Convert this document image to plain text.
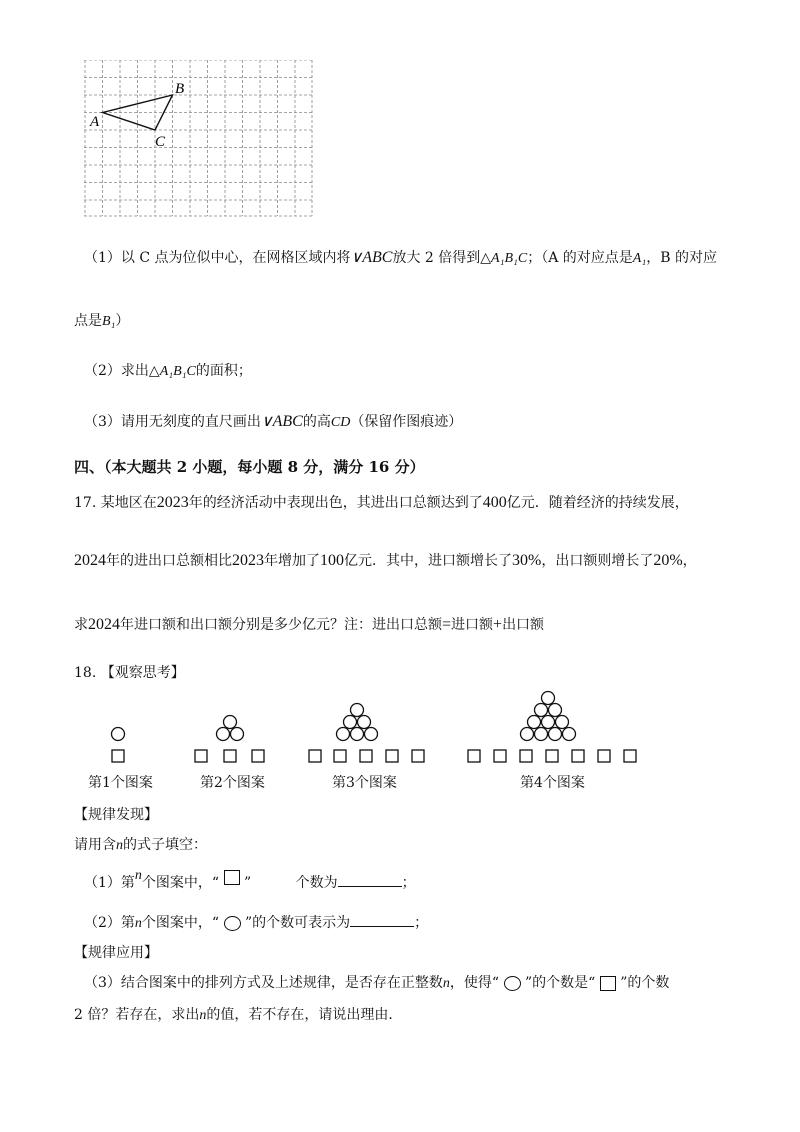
A
B
C
（1）以 C 点为位似中心，在网格区域内将∨ABC放大 2 倍得到△A₁B₁C；（A 的对应点是A₁，B 的对应
点是B₁）
（2）求出△A₁B₁C的面积；
（3）请用无刻度的直尺画出∨ABC的高CD（保留作图痕迹）
四、（本大题共 2 小题，每小题 8 分，满分 16 分）
17. 某地区在2023年的经济活动中表现出色，其进出口总额达到了400亿元．随着经济的持续发展，
2024年的进出口总额相比2023年增加了100亿元．其中，进口额增长了30%，出口额则增长了20%，
求2024年进口额和出口额分别是多少亿元？注：进出口总额=进口额+出口额
18. 【观察思考】
第1个图案	第2个图案	第3个图案	第4个图案
【规律发现】
请用含n的式子填空：
（1）第n个图案中，“ ”	个数为	；
（2）第n个图案中，“ ”的个数可表示为	；
【规律应用】
（3）结合图案中的排列方式及上述规律，是否存在正整数n，使得“ ”的个数是“ ”的个数
2 倍？若存在，求出n的值，若不存在，请说出理由．
